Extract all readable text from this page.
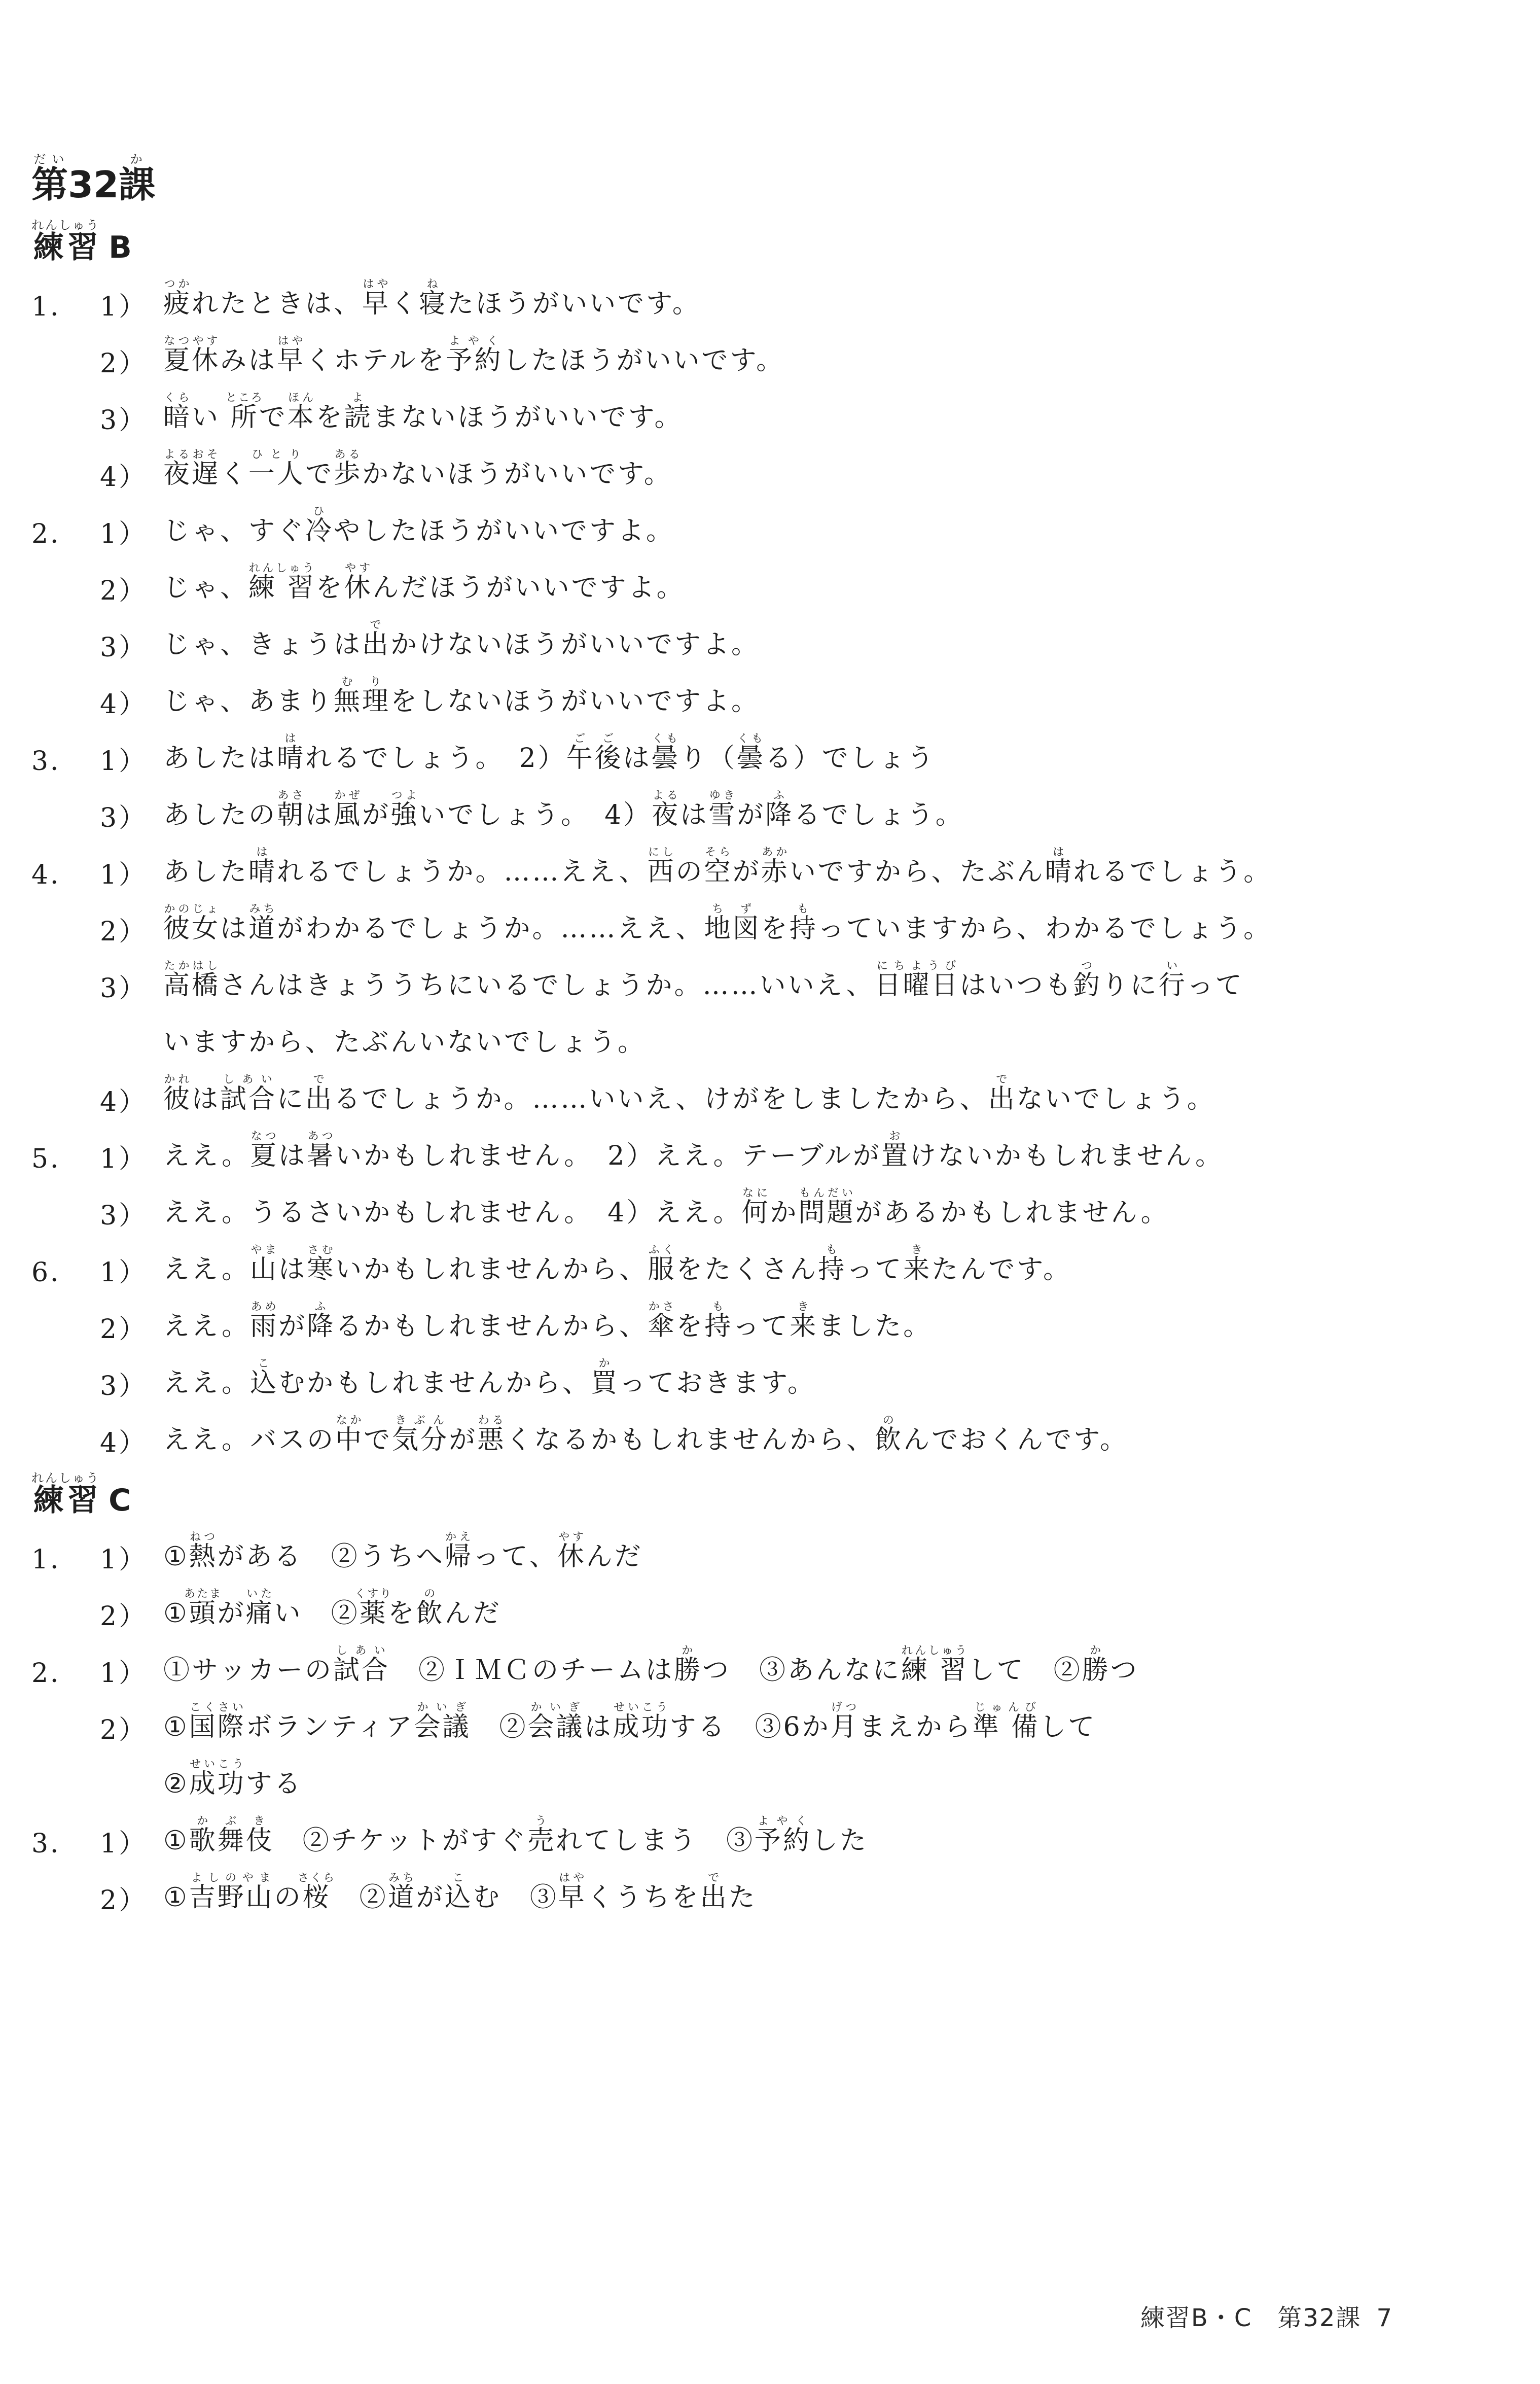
第だい32課か
練習れんしゅう B
1． 1） 疲つかれたときは、早はやく寝ねたほうがいいです。
2） 夏休なつやすみは早はやくホテルを予約よやくしたほうがいいです。
3） 暗くらい 所ところで本ほんを読よまないほうがいいです。
4） 夜遅よるおそく一人ひとりで歩あるかないほうがいいです。
2． 1） じゃ、すぐ冷ひやしたほうがいいですよ。
2） じゃ、練 習れんしゅうを休やすんだほうがいいですよ。
3） じゃ、きょうは出でかけないほうがいいですよ。
4） じゃ、あまり無理むりをしないほうがいいですよ。
3． 1） あしたは晴はれるでしょう。　2）午後ごごは曇くもり（曇くもる）でしょう
3） あしたの朝あさは風かぜが強つよいでしょう。　4）夜よるは雪ゆきが降ふるでしょう。
4． 1） あした晴はれるでしょうか。……ええ、西にしの空そらが赤あかいですから、たぶん晴はれるでしょう。
2） 彼女かのじょは道みちがわかるでしょうか。……ええ、地図ちずを持もっていますから、わかるでしょう。
3） 高橋たかはしさんはきょううちにいるでしょうか。……いいえ、日曜日にちようびはいつも釣つりに行いって
いますから、たぶんいないでしょう。
4） 彼かれは試合しあいに出でるでしょうか。……いいえ、けがをしましたから、出でないでしょう。
5． 1） ええ。夏なつは暑あついかもしれません。　2）ええ。テーブルが置おけないかもしれません。
3） ええ。うるさいかもしれません。　4）ええ。何なにか問題もんだいがあるかもしれません。
6． 1） ええ。山やまは寒さむいかもしれませんから、服ふくをたくさん持もって来きたんです。
2） ええ。雨あめが降ふるかもしれませんから、傘かさを持もって来きました。
3） ええ。込こむかもしれませんから、買かっておきます。
4） ええ。バスの中なかで気分きぶんが悪わるくなるかもしれませんから、飲のんでおくんです。
練習れんしゅう C
1． 1） ①熱ねつがある　②うちへ帰かえって、休やすんだ
2） ①頭あたまが痛いたい　②薬くすりを飲のんだ
2． 1） ①サッカーの試合しあい　②ＩＭＣのチームは勝かつ　③あんなに練 習れんしゅうして　②勝かつ
2） ①国際こくさいボランティア会議かいぎ　②会議かいぎは成功せいこうする　③6か月げつまえから準 備じゅんびして
②成功せいこうする
3． 1） ①歌舞伎かぶき　②チケットがすぐ売うれてしまう　③予約よやくした
2） ①吉野山よしのやまの桜さくら　②道みちが込こむ　③早はやくうちを出でた
練習B・C　第32課 7
